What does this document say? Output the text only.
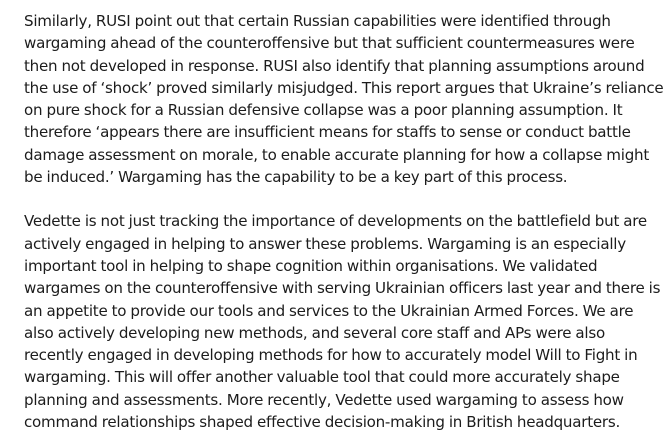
Similarly, RUSI point out that certain Russian capabilities were identified through
wargaming ahead of the counteroffensive but that sufficient countermeasures were
then not developed in response. RUSI also identify that planning assumptions around
the use of ‘shock’ proved similarly misjudged. This report argues that Ukraine’s reliance
on pure shock for a Russian defensive collapse was a poor planning assumption. It
therefore ‘appears there are insufficient means for staffs to sense or conduct battle
damage assessment on morale, to enable accurate planning for how a collapse might
be induced.’ Wargaming has the capability to be a key part of this process.

Vedette is not just tracking the importance of developments on the battlefield but are
actively engaged in helping to answer these problems. Wargaming is an especially
important tool in helping to shape cognition within organisations. We validated
wargames on the counteroffensive with serving Ukrainian officers last year and there is
an appetite to provide our tools and services to the Ukrainian Armed Forces. We are
also actively developing new methods, and several core staff and APs were also
recently engaged in developing methods for how to accurately model Will to Fight in
wargaming. This will offer another valuable tool that could more accurately shape
planning and assessments. More recently, Vedette used wargaming to assess how
command relationships shaped effective decision-making in British headquarters.
